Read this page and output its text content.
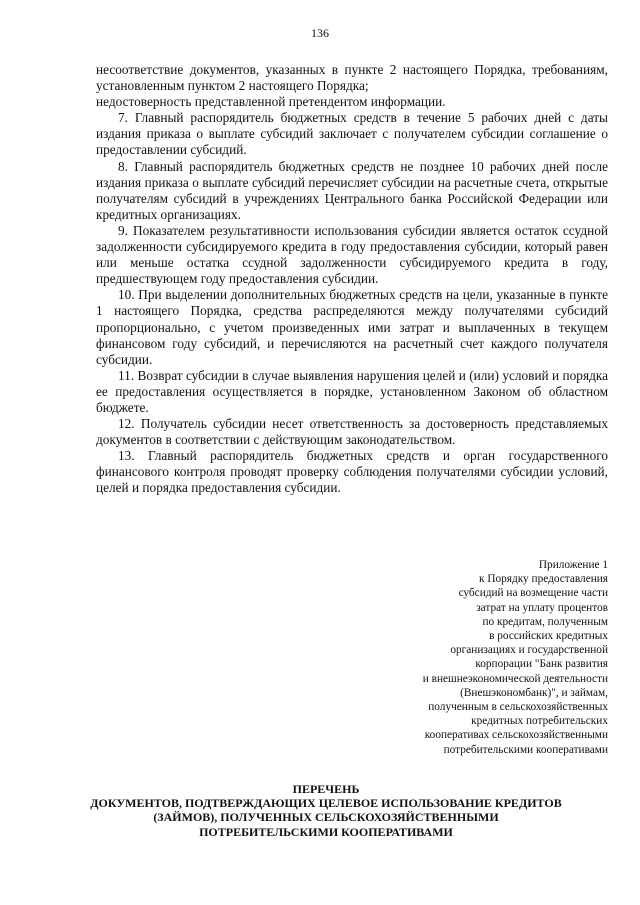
136

несоответствие документов, указанных в пункте 2 настоящего Порядка, требованиям, установленным пунктом 2 настоящего Порядка;

недостоверность представленной претендентом информации.

7. Главный распорядитель бюджетных средств в течение 5 рабочих дней с даты издания приказа о выплате субсидий заключает с получателем субсидии соглашение о предоставлении субсидий.

8. Главный распорядитель бюджетных средств не позднее 10 рабочих дней после издания приказа о выплате субсидий перечисляет субсидии на расчетные счета, открытые получателям субсидий в учреждениях Центрального банка Российской Федерации или кредитных организациях.

9. Показателем результативности использования субсидии является остаток ссудной задолженности субсидируемого кредита в году предоставления субсидии, который равен или меньше остатка ссудной задолженности субсидируемого кредита в году, предшествующем году предоставления субсидии.

10. При выделении дополнительных бюджетных средств на цели, указанные в пункте 1 настоящего Порядка, средства распределяются между получателями субсидий пропорционально, с учетом произведенных ими затрат и выплаченных в текущем финансовом году субсидий, и перечисляются на расчетный счет каждого получателя субсидии.

11. Возврат субсидии в случае выявления нарушения целей и (или) условий и порядка ее предоставления осуществляется в порядке, установленном Законом об областном бюджете.

12. Получатель субсидии несет ответственность за достоверность представляемых документов в соответствии с действующим законодательством.

13. Главный распорядитель бюджетных средств и орган государственного финансового контроля проводят проверку соблюдения получателями субсидии условий, целей и порядка предоставления субсидии.

Приложение 1
к Порядку предоставления
субсидий на возмещение части
затрат на уплату процентов
по кредитам, полученным
в российских кредитных
организациях и государственной
корпорации "Банк развития
и внешнеэкономической деятельности
(Внешэкономбанк)", и займам,
полученным в сельскохозяйственных
кредитных потребительских
кооперативах сельскохозяйственными
потребительскими кооперативами
ПЕРЕЧЕНЬ
ДОКУМЕНТОВ, ПОДТВЕРЖДАЮЩИХ ЦЕЛЕВОЕ ИСПОЛЬЗОВАНИЕ КРЕДИТОВ
(ЗАЙМОВ), ПОЛУЧЕННЫХ СЕЛЬСКОХОЗЯЙСТВЕННЫМИ
ПОТРЕБИТЕЛЬСКИМИ КООПЕРАТИВАМИ
